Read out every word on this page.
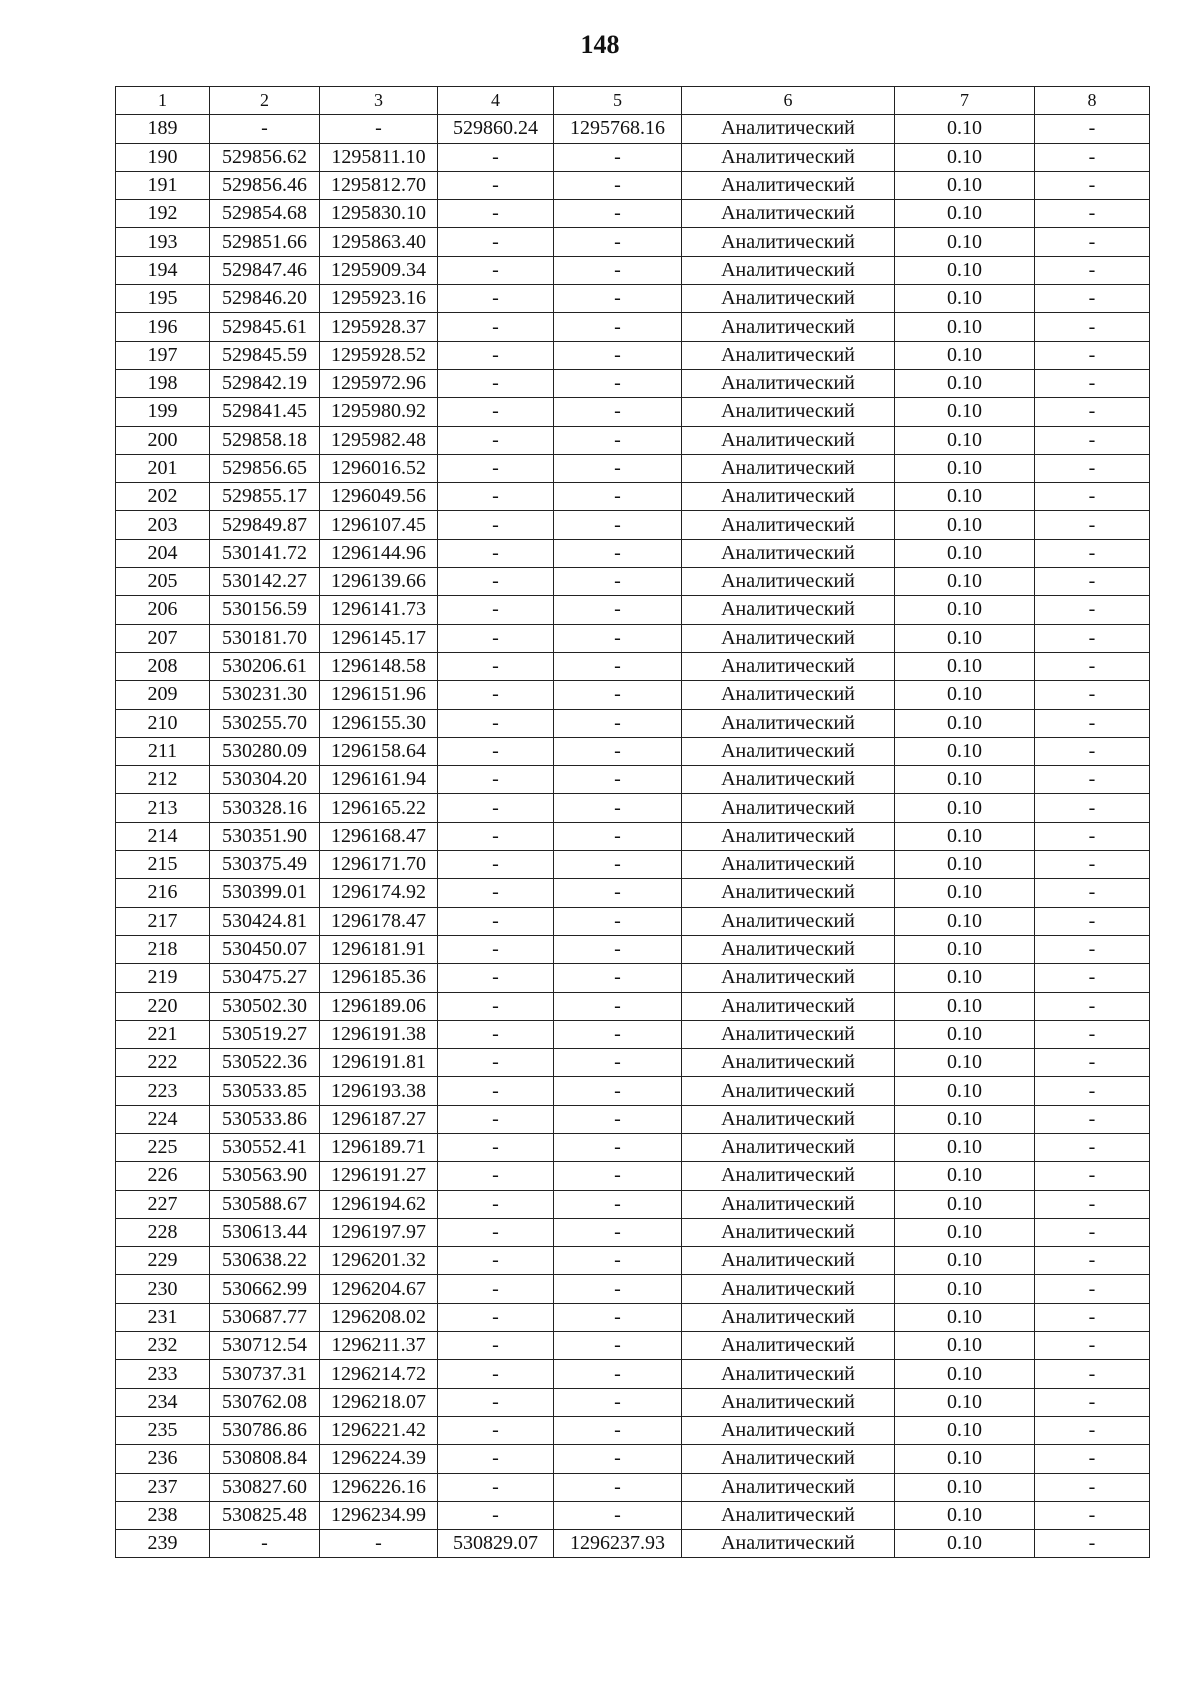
148
1	2	3	4	5	6	7	8
189	-	-	529860.24	1295768.16	Аналитический	0.10	-
190	529856.62	1295811.10	-	-	Аналитический	0.10	-
191	529856.46	1295812.70	-	-	Аналитический	0.10	-
192	529854.68	1295830.10	-	-	Аналитический	0.10	-
193	529851.66	1295863.40	-	-	Аналитический	0.10	-
194	529847.46	1295909.34	-	-	Аналитический	0.10	-
195	529846.20	1295923.16	-	-	Аналитический	0.10	-
196	529845.61	1295928.37	-	-	Аналитический	0.10	-
197	529845.59	1295928.52	-	-	Аналитический	0.10	-
198	529842.19	1295972.96	-	-	Аналитический	0.10	-
199	529841.45	1295980.92	-	-	Аналитический	0.10	-
200	529858.18	1295982.48	-	-	Аналитический	0.10	-
201	529856.65	1296016.52	-	-	Аналитический	0.10	-
202	529855.17	1296049.56	-	-	Аналитический	0.10	-
203	529849.87	1296107.45	-	-	Аналитический	0.10	-
204	530141.72	1296144.96	-	-	Аналитический	0.10	-
205	530142.27	1296139.66	-	-	Аналитический	0.10	-
206	530156.59	1296141.73	-	-	Аналитический	0.10	-
207	530181.70	1296145.17	-	-	Аналитический	0.10	-
208	530206.61	1296148.58	-	-	Аналитический	0.10	-
209	530231.30	1296151.96	-	-	Аналитический	0.10	-
210	530255.70	1296155.30	-	-	Аналитический	0.10	-
211	530280.09	1296158.64	-	-	Аналитический	0.10	-
212	530304.20	1296161.94	-	-	Аналитический	0.10	-
213	530328.16	1296165.22	-	-	Аналитический	0.10	-
214	530351.90	1296168.47	-	-	Аналитический	0.10	-
215	530375.49	1296171.70	-	-	Аналитический	0.10	-
216	530399.01	1296174.92	-	-	Аналитический	0.10	-
217	530424.81	1296178.47	-	-	Аналитический	0.10	-
218	530450.07	1296181.91	-	-	Аналитический	0.10	-
219	530475.27	1296185.36	-	-	Аналитический	0.10	-
220	530502.30	1296189.06	-	-	Аналитический	0.10	-
221	530519.27	1296191.38	-	-	Аналитический	0.10	-
222	530522.36	1296191.81	-	-	Аналитический	0.10	-
223	530533.85	1296193.38	-	-	Аналитический	0.10	-
224	530533.86	1296187.27	-	-	Аналитический	0.10	-
225	530552.41	1296189.71	-	-	Аналитический	0.10	-
226	530563.90	1296191.27	-	-	Аналитический	0.10	-
227	530588.67	1296194.62	-	-	Аналитический	0.10	-
228	530613.44	1296197.97	-	-	Аналитический	0.10	-
229	530638.22	1296201.32	-	-	Аналитический	0.10	-
230	530662.99	1296204.67	-	-	Аналитический	0.10	-
231	530687.77	1296208.02	-	-	Аналитический	0.10	-
232	530712.54	1296211.37	-	-	Аналитический	0.10	-
233	530737.31	1296214.72	-	-	Аналитический	0.10	-
234	530762.08	1296218.07	-	-	Аналитический	0.10	-
235	530786.86	1296221.42	-	-	Аналитический	0.10	-
236	530808.84	1296224.39	-	-	Аналитический	0.10	-
237	530827.60	1296226.16	-	-	Аналитический	0.10	-
238	530825.48	1296234.99	-	-	Аналитический	0.10	-
239	-	-	530829.07	1296237.93	Аналитический	0.10	-
